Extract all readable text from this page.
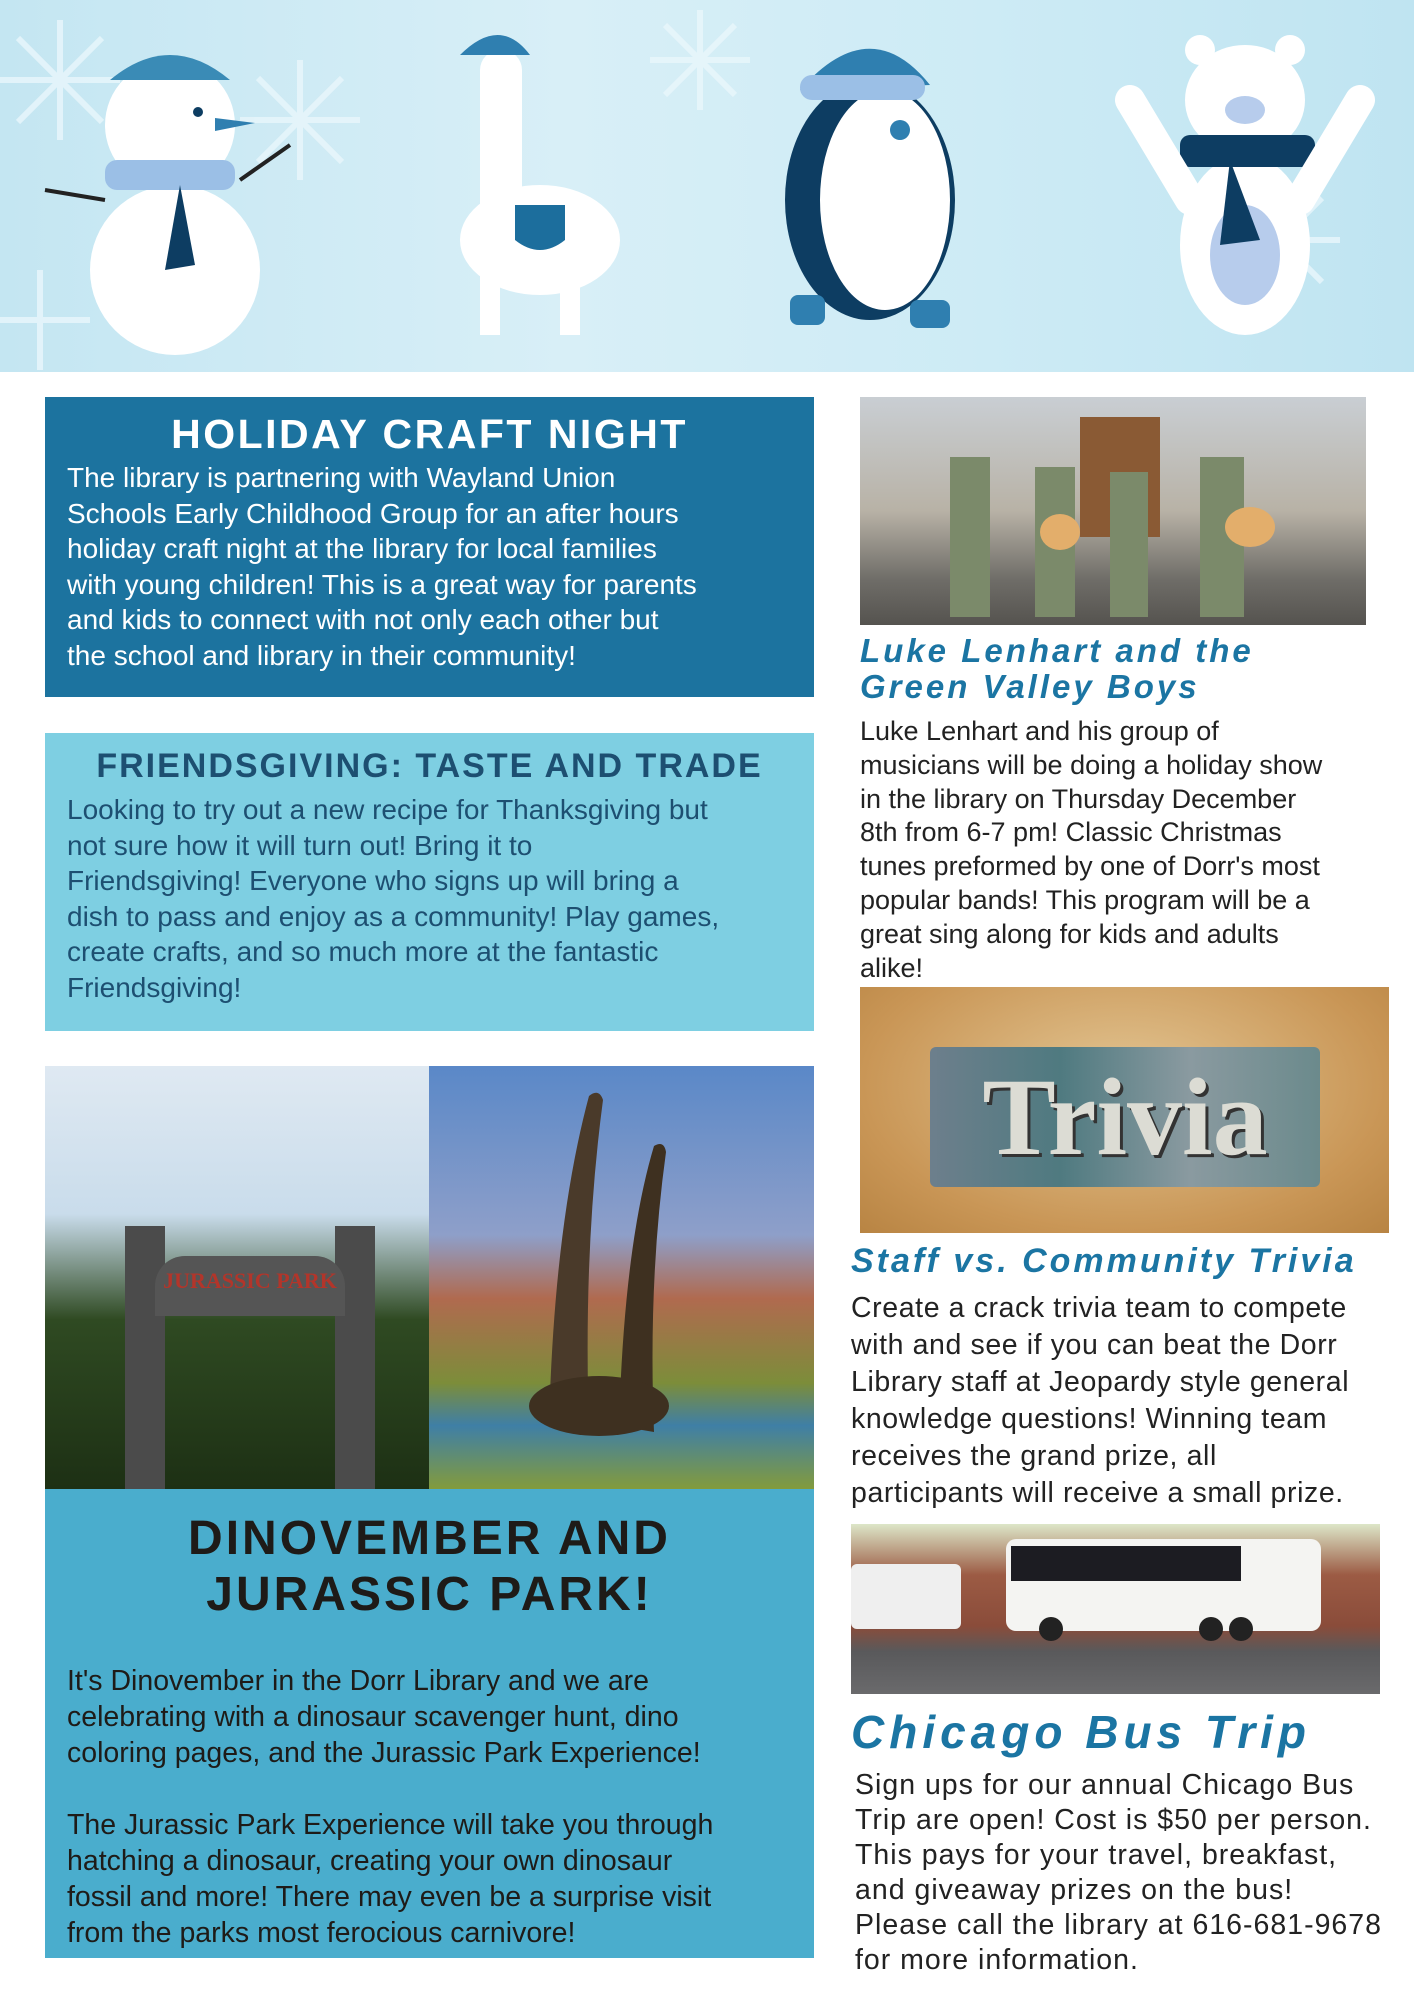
HOLIDAY CRAFT NIGHT

The library is partnering with Wayland Union
Schools Early Childhood Group for an after hours
holiday craft night at the library for local families
with young children! This is a great way for parents
and kids to connect with not only each other but
the school and library in their community!

FRIENDSGIVING: TASTE AND TRADE

Looking to try out a new recipe for Thanksgiving but
not sure how it will turn out! Bring it to
Friendsgiving! Everyone who signs up will bring a
dish to pass and enjoy as a community! Play games,
create crafts, and so much more at the fantastic
Friendsgiving!

JURASSIC PARK
DINOVEMBER AND
JURASSIC PARK!

It's Dinovember in the Dorr Library and we are
celebrating with a dinosaur scavenger hunt, dino
coloring pages, and the Jurassic Park Experience!

The Jurassic Park Experience will take you through
hatching a dinosaur, creating your own dinosaur
fossil and more! There may even be a surprise visit
from the parks most ferocious carnivore!

Luke Lenhart and the
Green Valley Boys
Luke Lenhart and his group of
musicians will be doing a holiday show
in the library on Thursday December
8th from 6-7 pm! Classic Christmas
tunes preformed by one of Dorr's most
popular bands! This program will be a
great sing along for kids and adults
alike!
Trivia
Staff vs. Community Trivia
Create a crack trivia team to compete
with and see if you can beat the Dorr
Library staff at Jeopardy style general
knowledge questions! Winning team
receives the grand prize, all
participants will receive a small prize.
Chicago Bus Trip
Sign ups for our annual Chicago Bus
Trip are open! Cost is $50 per person.
This pays for your travel, breakfast,
and giveaway prizes on the bus!
Please call the library at 616-681-9678
for more information.
